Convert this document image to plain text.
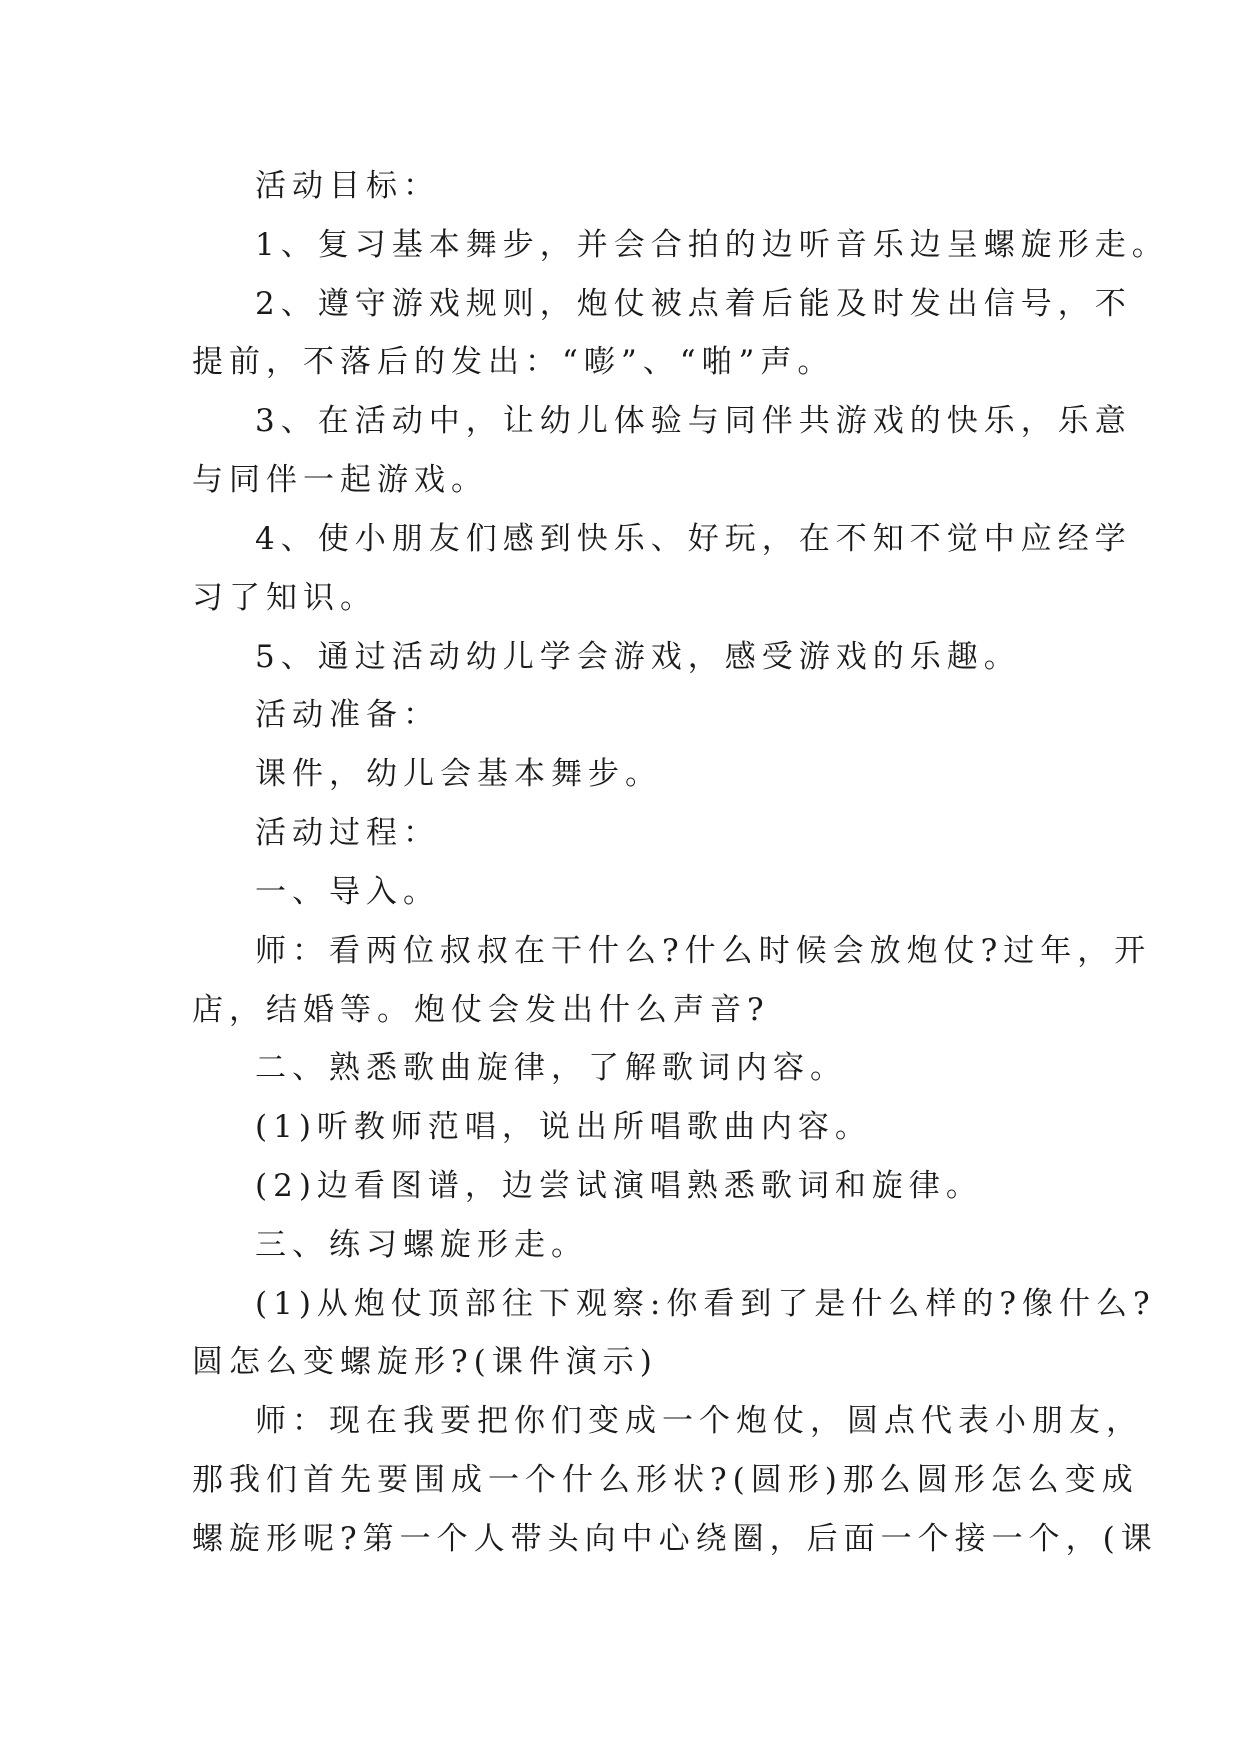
活动目标：
1、复习基本舞步，并会合拍的边听音乐边呈螺旋形走。
2、遵守游戏规则，炮仗被点着后能及时发出信号，不
提前，不落后的发出：“嘭”、“啪”声。
3、在活动中，让幼儿体验与同伴共游戏的快乐，乐意
与同伴一起游戏。
4、使小朋友们感到快乐、好玩，在不知不觉中应经学
习了知识。
5、通过活动幼儿学会游戏，感受游戏的乐趣。
活动准备：
课件，幼儿会基本舞步。
活动过程：
一、导入。
师：看两位叔叔在干什么?什么时候会放炮仗?过年，开
店，结婚等。炮仗会发出什么声音?
二、熟悉歌曲旋律，了解歌词内容。
(1)听教师范唱，说出所唱歌曲内容。
(2)边看图谱，边尝试演唱熟悉歌词和旋律。
三、练习螺旋形走。
(1)从炮仗顶部往下观察:你看到了是什么样的?像什么?
圆怎么变螺旋形?(课件演示)
师：现在我要把你们变成一个炮仗，圆点代表小朋友，
那我们首先要围成一个什么形状?(圆形)那么圆形怎么变成
螺旋形呢?第一个人带头向中心绕圈，后面一个接一个，(课
